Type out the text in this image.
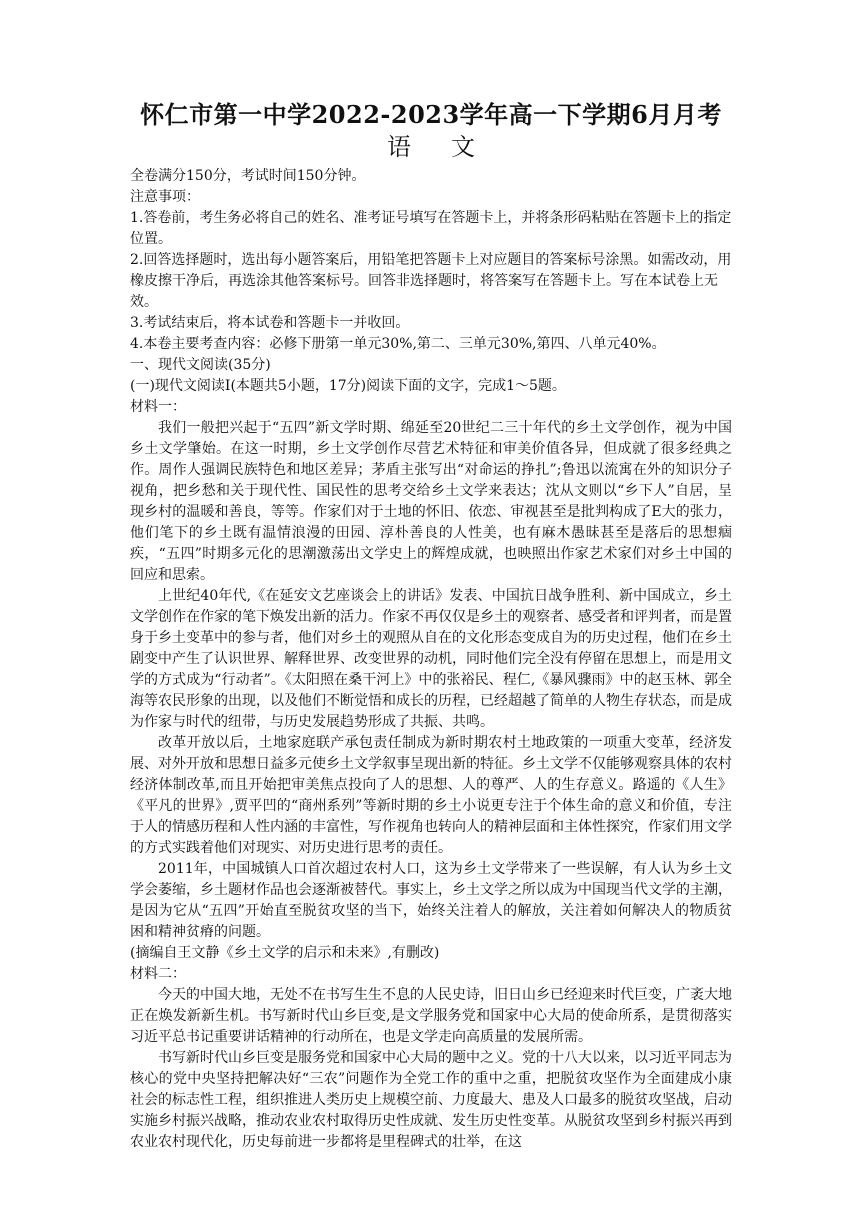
怀仁市第一中学2022-2023学年高一下学期6月月考
语文

全卷满分150分，考试时间150分钟。

注意事项：

1.答卷前，考生务必将自己的姓名、准考证号填写在答题卡上，并将条形码粘贴在答题卡上的指定位置。

2.回答选择题时，选出每小题答案后，用铅笔把答题卡上对应题目的答案标号涂黑。如需改动，用橡皮擦干净后，再选涂其他答案标号。回答非选择题时，将答案写在答题卡上。写在本试卷上无效。

3.考试结束后，将本试卷和答题卡一并收回。

4.本卷主要考查内容：必修下册第一单元30%,第二、三单元30%,第四、八单元40%。

一、现代文阅读(35分)

(一)现代文阅读I(本题共5小题，17分)阅读下面的文字，完成1～5题。

材料一：

我们一般把兴起于“五四”新文学时期、绵延至20世纪二三十年代的乡土文学创作，视为中国乡土文学肇始。在这一时期，乡土文学创作尽营艺术特征和审美价值各异，但成就了很多经典之作。周作人强调民族特色和地区差异；茅盾主张写出“对命运的挣扎”;鲁迅以流寓在外的知识分子视角，把乡愁和关于现代性、国民性的思考交给乡土文学来表达；沈从文则以“乡下人”自居，呈现乡村的温暖和善良，等等。作家们对于土地的怀旧、依恋、审视甚至是批判构成了E大的张力，他们笔下的乡土既有温情浪漫的田园、淳朴善良的人性美，也有麻木愚昧甚至是落后的思想痼疾，“五四”时期多元化的思潮激荡出文学史上的辉煌成就，也映照出作家艺术家们对乡土中国的回应和思索。

上世纪40年代,《在延安文艺座谈会上的讲话》发表、中国抗日战争胜利、新中国成立，乡土文学创作在作家的笔下焕发出新的活力。作家不再仅仅是乡土的观察者、感受者和评判者，而是置身于乡土变革中的参与者，他们对乡土的观照从自在的文化形态变成自为的历史过程，他们在乡土剧变中产生了认识世界、解释世界、改变世界的动机，同时他们完全没有停留在思想上，而是用文学的方式成为“行动者”。《太阳照在桑干河上》中的张裕民、程仁,《暴风骤雨》中的赵玉林、郭全海等农民形象的出现，以及他们不断觉悟和成长的历程，已经超越了简单的人物生存状态，而是成为作家与时代的纽带，与历史发展趋势形成了共振、共鸣。

改革开放以后，土地家庭联产承包责任制成为新时期农村土地政策的一项重大变革，经济发展、对外开放和思想日益多元使乡土文学叙事呈现出新的特征。乡土文学不仅能够观察具体的农村经济体制改革,而且开始把审美焦点投向了人的思想、人的尊严、人的生存意义。路遥的《人生》《平凡的世界》,贾平凹的“商州系列”等新时期的乡土小说更专注于个体生命的意义和价值，专注于人的情感历程和人性内涵的丰富性，写作视角也转向人的精神层面和主体性探究，作家们用文学的方式实践着他们对现实、对历史进行思考的责任。

2011年，中国城镇人口首次超过农村人口，这为乡土文学带来了一些误解，有人认为乡土文学会萎缩，乡土题材作品也会逐渐被替代。事实上，乡土文学之所以成为中国现当代文学的主潮，是因为它从“五四”开始直至脱贫攻坚的当下，始终关注着人的解放，关注着如何解决人的物质贫困和精神贫瘠的问题。

(摘编自王文静《乡土文学的启示和未来》,有删改)

材料二：

今天的中国大地，无处不在书写生生不息的人民史诗，旧日山乡已经迎来时代巨变，广袤大地正在焕发新新生机。书写新时代山乡巨变,是文学服务党和国家中心大局的使命所系，是贯彻落实习近平总书记重要讲话精神的行动所在，也是文学走向高质量的发展所需。

书写新时代山乡巨变是服务党和国家中心大局的题中之义。党的十八大以来，以习近平同志为核心的党中央坚持把解决好“三农”问题作为全党工作的重中之重，把脱贫攻坚作为全面建成小康社会的标志性工程，组织推进人类历史上规模空前、力度最大、患及人口最多的脱贫攻坚战，启动实施乡村振兴战略，推动农业农村取得历史性成就、发生历史性变革。从脱贫攻坚到乡村振兴再到农业农村现代化，历史每前进一步都将是里程碑式的壮举，在这
